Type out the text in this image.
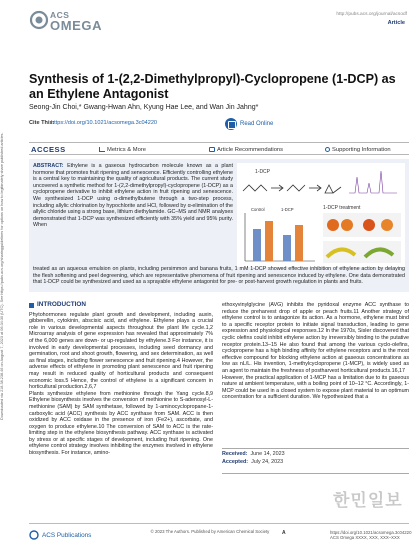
Downloaded via 218.38.238.46 on August 7, 2023 at 06:34:30 (UTC). See https://pubs.acs.org/sharingguidelines for options on how to legitimately share published articles.
ACS
OMEGA
http://pubs.acs.org/journal/acsodf
Article
Synthesis of 1-(2,2-Dimethylpropyl)-Cyclopropene (1-DCP) as an Ethylene Antagonist
Seong-Jin Choi,* Gwang-Hwan Ahn, Kyung Hae Lee, and Wan Jin Jahng*
Cite This:
https://doi.org/10.1021/acsomega.3c04220	Read Online
ACCESS	Metrics & More	Article Recommendations	Supporting Information

ABSTRACT: Ethylene is a gaseous hydrocarbon molecule known as a plant hormone that promotes fruit ripening and senescence. Efficiently controlling ethylene is a central key to maintaining the quality of agricultural products. The current study uncovered a synthetic method for 1-(2,2-dimethylpropyl)-cyclopropene (1-DCP) as a cyclopropene derivative to inhibit ethylene action in fruit ripening and senescence. We synthesized 1-DCP using α-dimethylbutene through a two-step process, including allylic chlorination by hypochlorite and HCl, followed by α-elimination of the allylic chloride using a strong base, lithium diethylamide. GC–MS and NMR analyses demonstrated that 1-DCP was synthesized efficiently with 35% yield and 95% purity. When

1-DCP
1-DCP treatment
Control	1-DCP

treated as an aqueous emulsion on plants, including persimmon and banana fruits, 1 mM 1-DCP showed effective inhibition of ethylene action by delaying the flesh softening and peel degreening, which are representative phenomena of fruit ripening and senescence induced by ethylene. One data demonstrated that 1-DCP could be synthesized and used as a sprayable ethylene antagonist for pre- or post-harvest growth regulation in plants and fruits.

INTRODUCTION

Phytohormones regulate plant growth and development, including auxin, gibberellin, cytokinin, abscisic acid, and ethylene. Ethylene plays a crucial role in various developmental aspects throughout the plant life cycle.1,2 Microarray analysis of gene expression has revealed that approximately 7% of the 6,000 genes are down- or up-regulated by ethylene.3 For instance, it is involved in early developmental processes, including seed dormancy and germination, root and shoot growth, flowering, and sex determination, as well as final stages, including flower senescence and fruit ripening.4 However, the adverse effects of ethylene in promoting plant senescence and fruit ripening may result in reduced quality of horticultural products and consequent economic loss.5 Hence, the control of ethylene is a significant concern in horticultural production.2,6,7
Plants synthesize ethylene from methionine through the Yang cycle.8,9 Ethylene biosynthesis involves the conversion of methionine to S-adenosyl-L-methionine (SAM) by SAM synthetase, followed by 1-aminocyclopropane-1-carboxylic acid (ACC) synthesis by ACC synthase from SAM. ACC is then oxidized by ACC oxidase in the presence of iron (Fe2+), ascorbate, and oxygen to produce ethylene.10 The conversion of SAM to ACC is the rate-limiting step in the ethylene biosynthesis pathway. ACC synthase is activated by stress or at specific stages of development, including fruit ripening. One ethylene control strategy involves inhibiting the enzymes involved in ethylene biosynthesis. For instance, amino-

ethoxyvinylglycine (AVG) inhibits the pyridoxal enzyme ACC synthase to reduce the preharvest drop of apple or peach fruits.11 Another strategy of ethylene control is to antagonize its action. As a hormone, ethylene must bind to a specific receptor protein to initiate signal transduction, leading to gene expression and physiological responses.12 In the 1970s, Sisler discovered that cyclic olefins could inhibit ethylene action by irreversibly binding to the putative receptor protein.13–15 He also found that among the various cyclo-olefins, cyclopropene has a high binding affinity for ethylene receptors and is the most effective compound for blocking ethylene action at gaseous concentrations as low as nL/L. His invention, 1-methylcyclopropene (1-MCP), is widely used as an agent to maintain the freshness of postharvest horticultural products.16,17
However, the practical application of 1-MCP has a limitation due to its gaseous nature at ambient temperature, with a boiling point of 10–12 °C. Accordingly, 1-MCP could be used in a closed system to expose plant material to an optimum concentration for a sufficient duration. We hypothesized that a

Received: June 14, 2023
Accepted: July 24, 2023
한민일보
ACS Publications	© 2023 The Authors. Published by American Chemical Society	A	https://doi.org/10.1021/acsomega.3c04220
ACS Omega XXXX, XXX, XXX–XXX
